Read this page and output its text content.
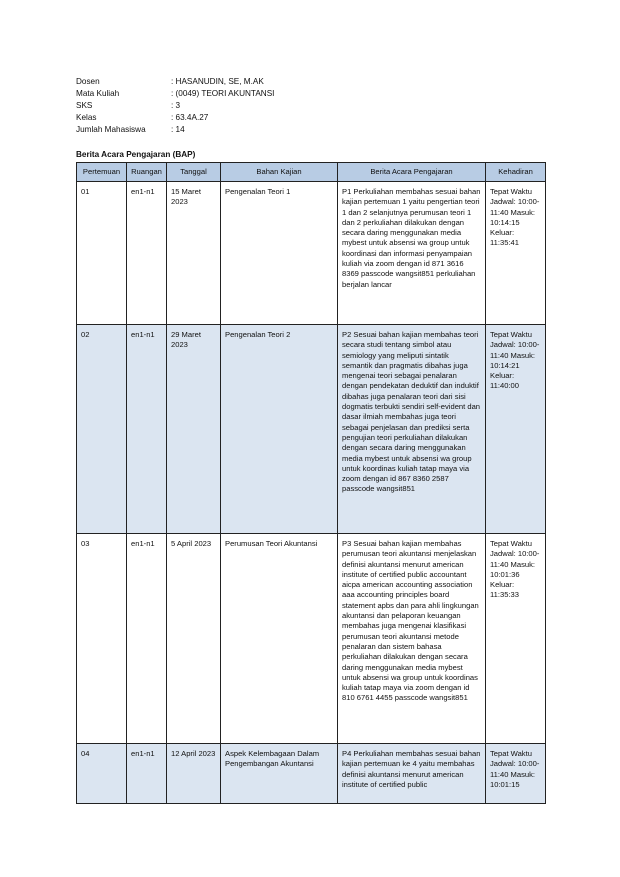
Dosen	: HASANUDIN, SE, M.AK
Mata Kuliah	: (0049) TEORI AKUNTANSI
SKS	: 3
Kelas	: 63.4A.27
Jumlah Mahasiswa	: 14
Berita Acara Pengajaran (BAP)
Pertemuan	Ruangan	Tanggal	Bahan Kajian	Berita Acara Pengajaran	Kehadiran
01	en1-n1	15 Maret 2023	Pengenalan Teori 1	P1 Perkuliahan membahas sesuai bahan kajian pertemuan 1 yaitu pengertian teori 1 dan 2 selanjutnya perumusan teori 1 dan 2 perkuliahan dilakukan dengan secara daring menggunakan media mybest untuk absensi wa group untuk koordinasi dan informasi penyampaian kuliah via zoom dengan id 871 3616 8369 passcode wangsit851 perkuliahan berjalan lancar	Tepat Waktu Jadwal: 10:00-11:40 Masuk: 10:14:15 Keluar: 11:35:41
02	en1-n1	29 Maret 2023	Pengenalan Teori 2	P2 Sesuai bahan kajian membahas teori secara studi tentang simbol atau semiology yang meliputi sintatik semantik dan pragmatis dibahas juga mengenai teori sebagai penalaran dengan pendekatan deduktif dan induktif dibahas juga penalaran teori dari sisi dogmatis terbukti sendiri self-evident dan dasar ilmiah membahas juga teori sebagai penjelasan dan prediksi serta pengujian teori perkuliahan dilakukan dengan secara daring menggunakan media mybest untuk absensi wa group untuk koordinas kuliah tatap maya via zoom dengan id 867 8360 2587 passcode wangsit851	Tepat Waktu Jadwal: 10:00-11:40 Masuk: 10:14:21 Keluar: 11:40:00
03	en1-n1	5 April 2023	Perumusan Teori Akuntansi	P3 Sesuai bahan kajian membahas perumusan teori akuntansi menjelaskan definisi akuntansi menurut american institute of certified public accountant aicpa american accounting association aaa accounting principles board statement apbs dan para ahli lingkungan akuntansi dan pelaporan keuangan membahas juga mengenai klasifikasi perumusan teori akuntansi metode penalaran dan sistem bahasa perkuliahan dilakukan dengan secara daring menggunakan media mybest untuk absensi wa group untuk koordinas kuliah tatap maya via zoom dengan id 810 6761 4455 passcode wangsit851	Tepat Waktu Jadwal: 10:00-11:40 Masuk: 10:01:36 Keluar: 11:35:33
04	en1-n1	12 April 2023	Aspek Kelembagaan Dalam Pengembangan Akuntansi	P4 Perkuliahan membahas sesuai bahan kajian pertemuan ke 4 yaitu membahas definisi akuntansi menurut american institute of certified public	Tepat Waktu Jadwal: 10:00-11:40 Masuk: 10:01:15
